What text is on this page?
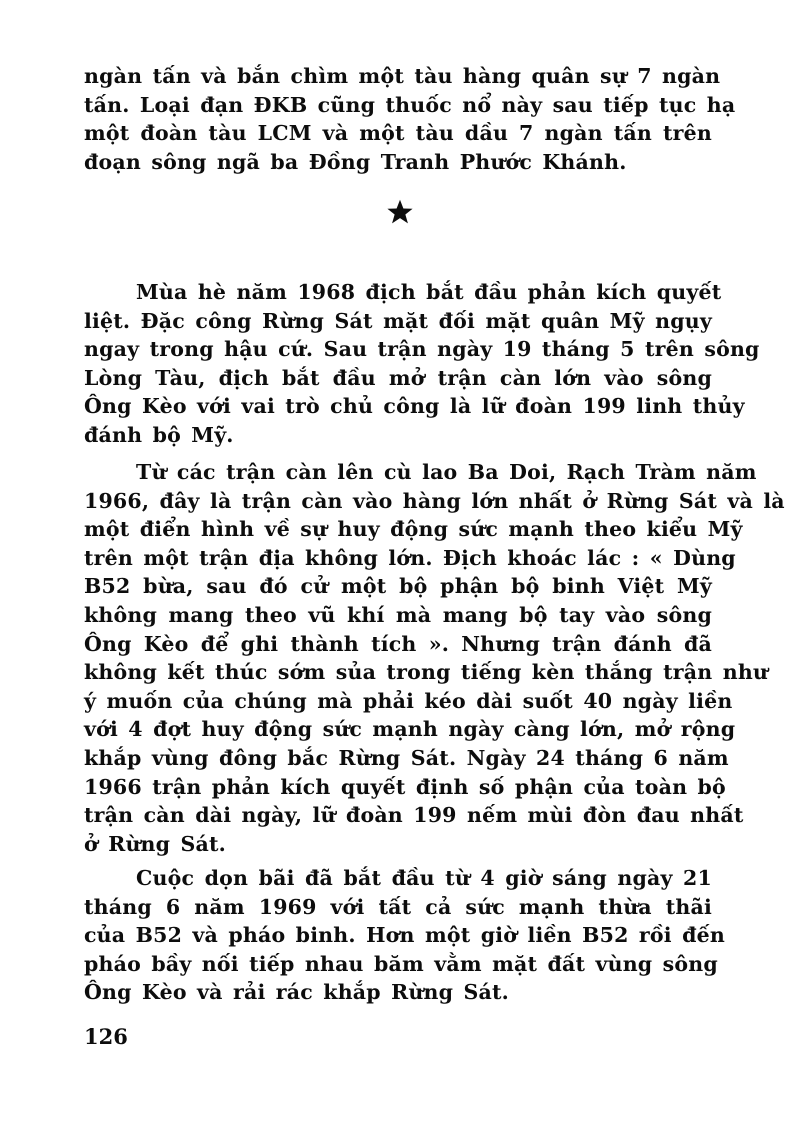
ngàn tấn và bắn chìm một tàu hàng quân sự 7 ngàn
tấn. Loại đạn ĐKB cũng thuốc nổ này sau tiếp tục hạ
một đoàn tàu LCM và một tàu dầu 7 ngàn tấn trên
đoạn sông ngã ba Đồng Tranh Phước Khánh.
Mùa hè năm 1968 địch bắt đầu phản kích quyết
liệt. Đặc công Rừng Sát mặt đối mặt quân Mỹ ngụy
ngay trong hậu cứ. Sau trận ngày 19 tháng 5 trên sông
Lòng Tàu, địch bắt đầu mở trận càn lớn vào sông
Ông Kèo với vai trò chủ công là lữ đoàn 199 linh thủy
đánh bộ Mỹ.
Từ các trận càn lên cù lao Ba Doi, Rạch Tràm năm
1966, đây là trận càn vào hàng lớn nhất ở Rừng Sát và là
một điển hình về sự huy động sức mạnh theo kiểu Mỹ
trên một trận địa không lớn. Địch khoác lác : « Dùng
B52 bừa, sau đó cử một bộ phận bộ binh Việt Mỹ
không mang theo vũ khí mà mang bộ tay vào sông
Ông Kèo để ghi thành tích ». Nhưng trận đánh đã
không kết thúc sớm sủa trong tiếng kèn thắng trận như
ý muốn của chúng mà phải kéo dài suốt 40 ngày liền
với 4 đợt huy động sức mạnh ngày càng lớn, mở rộng
khắp vùng đông bắc Rừng Sát. Ngày 24 tháng 6 năm
1966 trận phản kích quyết định số phận của toàn bộ
trận càn dài ngày, lữ đoàn 199 nếm mùi đòn đau nhất
ở Rừng Sát.
Cuộc dọn bãi đã bắt đầu từ 4 giờ sáng ngày 21
tháng 6 năm 1969 với tất cả sức mạnh thừa thãi
của B52 và pháo binh. Hơn một giờ liền B52 rồi đến
pháo bầy nối tiếp nhau băm vằm mặt đất vùng sông
Ông Kèo và rải rác khắp Rừng Sát.
126
